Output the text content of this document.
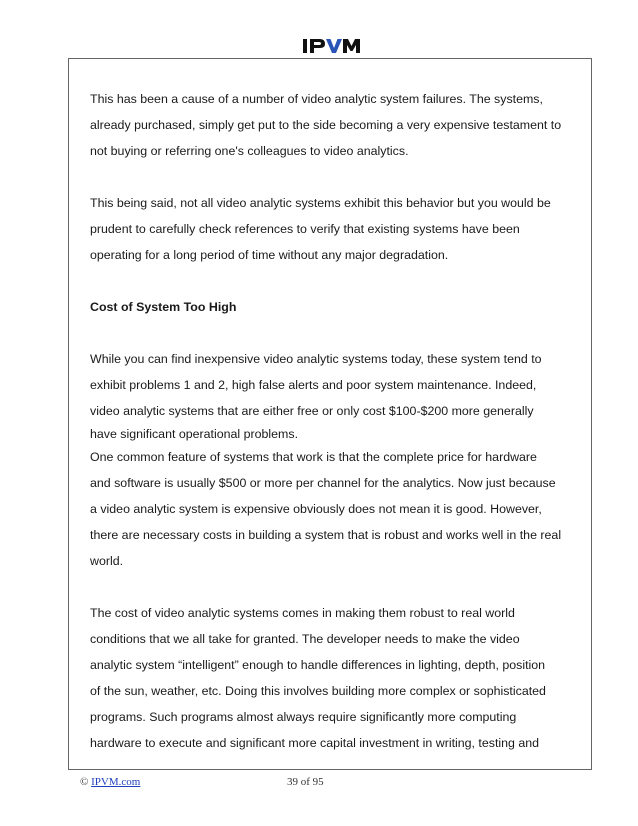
This has been a cause of a number of video analytic system failures. The systems,

already purchased, simply get put to the side becoming a very expensive testament to

not buying or referring one's colleagues to video analytics.

This being said, not all video analytic systems exhibit this behavior but you would be

prudent to carefully check references to verify that existing systems have been

operating for a long period of time without any major degradation.

Cost of System Too High

While you can find inexpensive video analytic systems today, these system tend to

exhibit problems 1 and 2, high false alerts and poor system maintenance. Indeed,

video analytic systems that are either free or only cost $100-$200 more generally

have significant operational problems.

One common feature of systems that work is that the complete price for hardware

and software is usually $500 or more per channel for the analytics. Now just because

a video analytic system is expensive obviously does not mean it is good. However,

there are necessary costs in building a system that is robust and works well in the real

world.

The cost of video analytic systems comes in making them robust to real world

conditions that we all take for granted. The developer needs to make the video

analytic system “intelligent” enough to handle differences in lighting, depth, position

of the sun, weather, etc. Doing this involves building more complex or sophisticated

programs. Such programs almost always require significantly more computing

hardware to execute and significant more capital investment in writing, testing and

© IPVM.com	39 of 95
